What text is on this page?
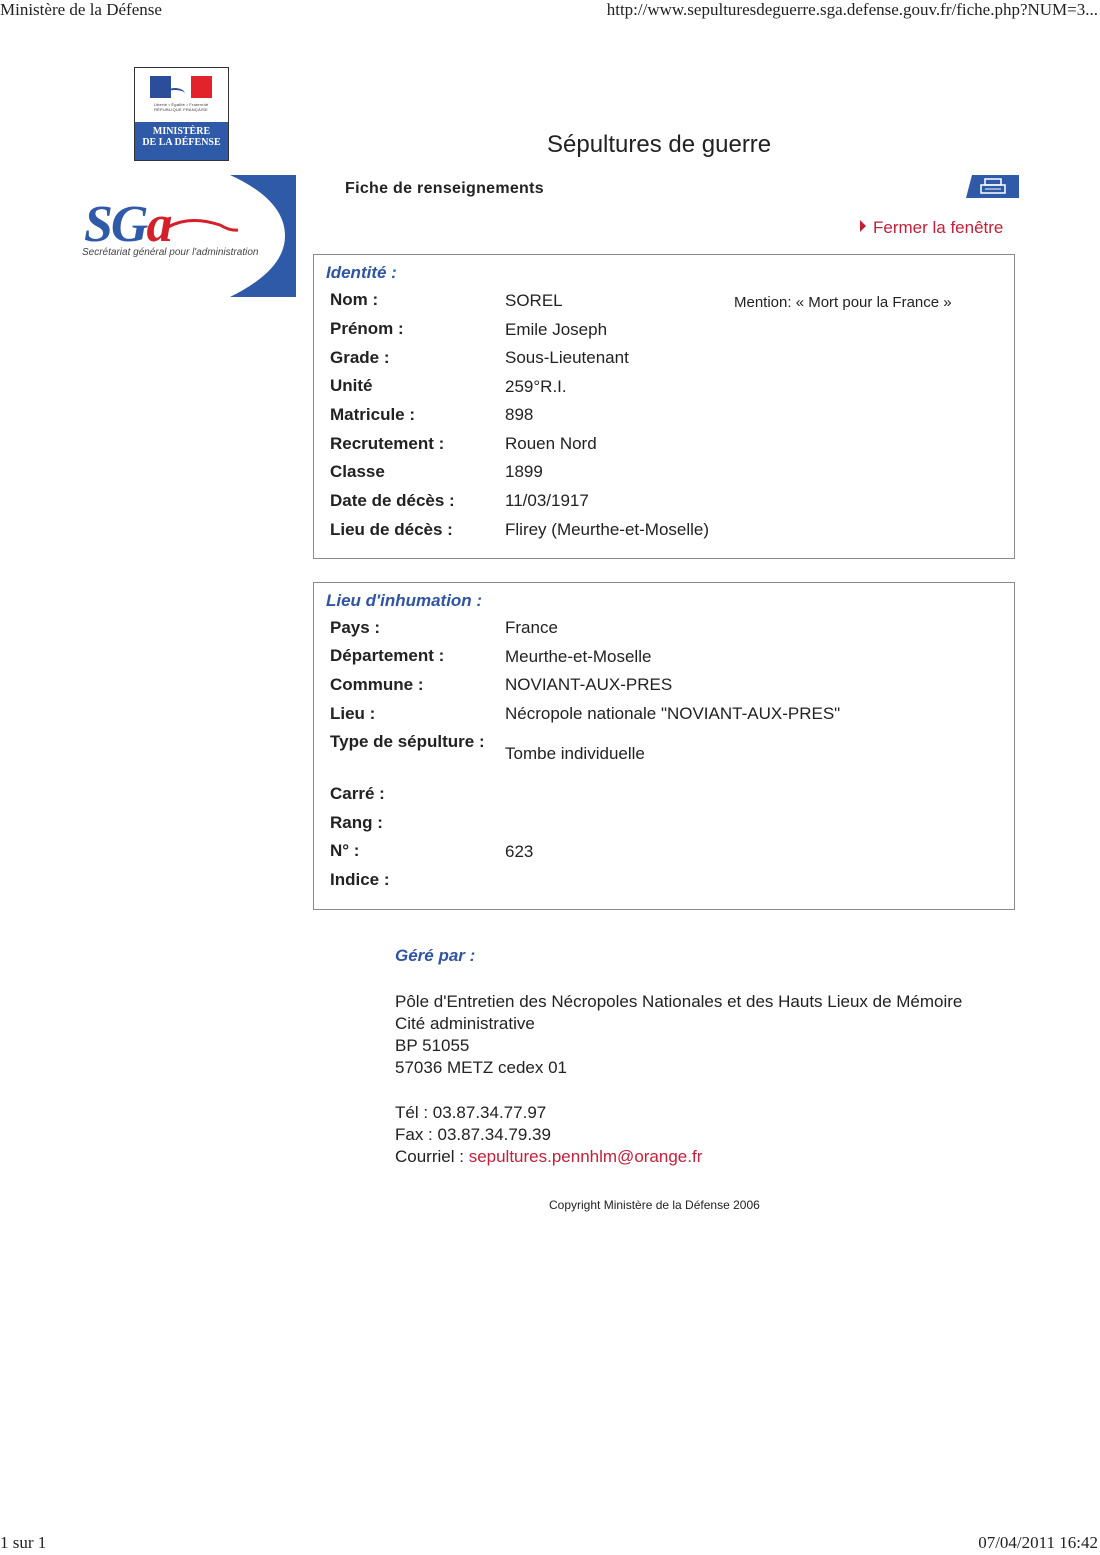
Ministère de la Défense	http://www.sepulturesdeguerre.sga.defense.gouv.fr/fiche.php?NUM=3...
1 sur 1	07/04/2011 16:42
Liberté • Égalité • Fraternité
RÉPUBLIQUE FRANÇAISE
MINISTÈRE
DE LA DÉFENSE
SGa
Secrétariat général pour l'administration
Sépultures de guerre
Fiche de renseignements
Fermer la fenêtre
Identité :
Mention: « Mort pour la France »
Nom :	SOREL
Prénom :	Emile Joseph
Grade :	Sous-Lieutenant
Unité	259°R.I.
Matricule :	898
Recrutement :	Rouen Nord
Classe	1899
Date de décès :	11/03/1917
Lieu de décès :	Flirey (Meurthe-et-Moselle)
Lieu d'inhumation :
Pays :	France
Département :	Meurthe-et-Moselle
Commune :	NOVIANT-AUX-PRES
Lieu :	Nécropole nationale "NOVIANT-AUX-PRES"
Type de sépulture :
Tombe individuelle
Carré :
Rang :
N° :	623
Indice :
Géré par :
Pôle d'Entretien des Nécropoles Nationales et des Hauts Lieux de Mémoire
Cité administrative
BP 51055
57036 METZ cedex 01
Tél : 03.87.34.77.97
Fax : 03.87.34.79.39
Courriel : sepultures.pennhlm@orange.fr
Copyright Ministère de la Défense 2006
